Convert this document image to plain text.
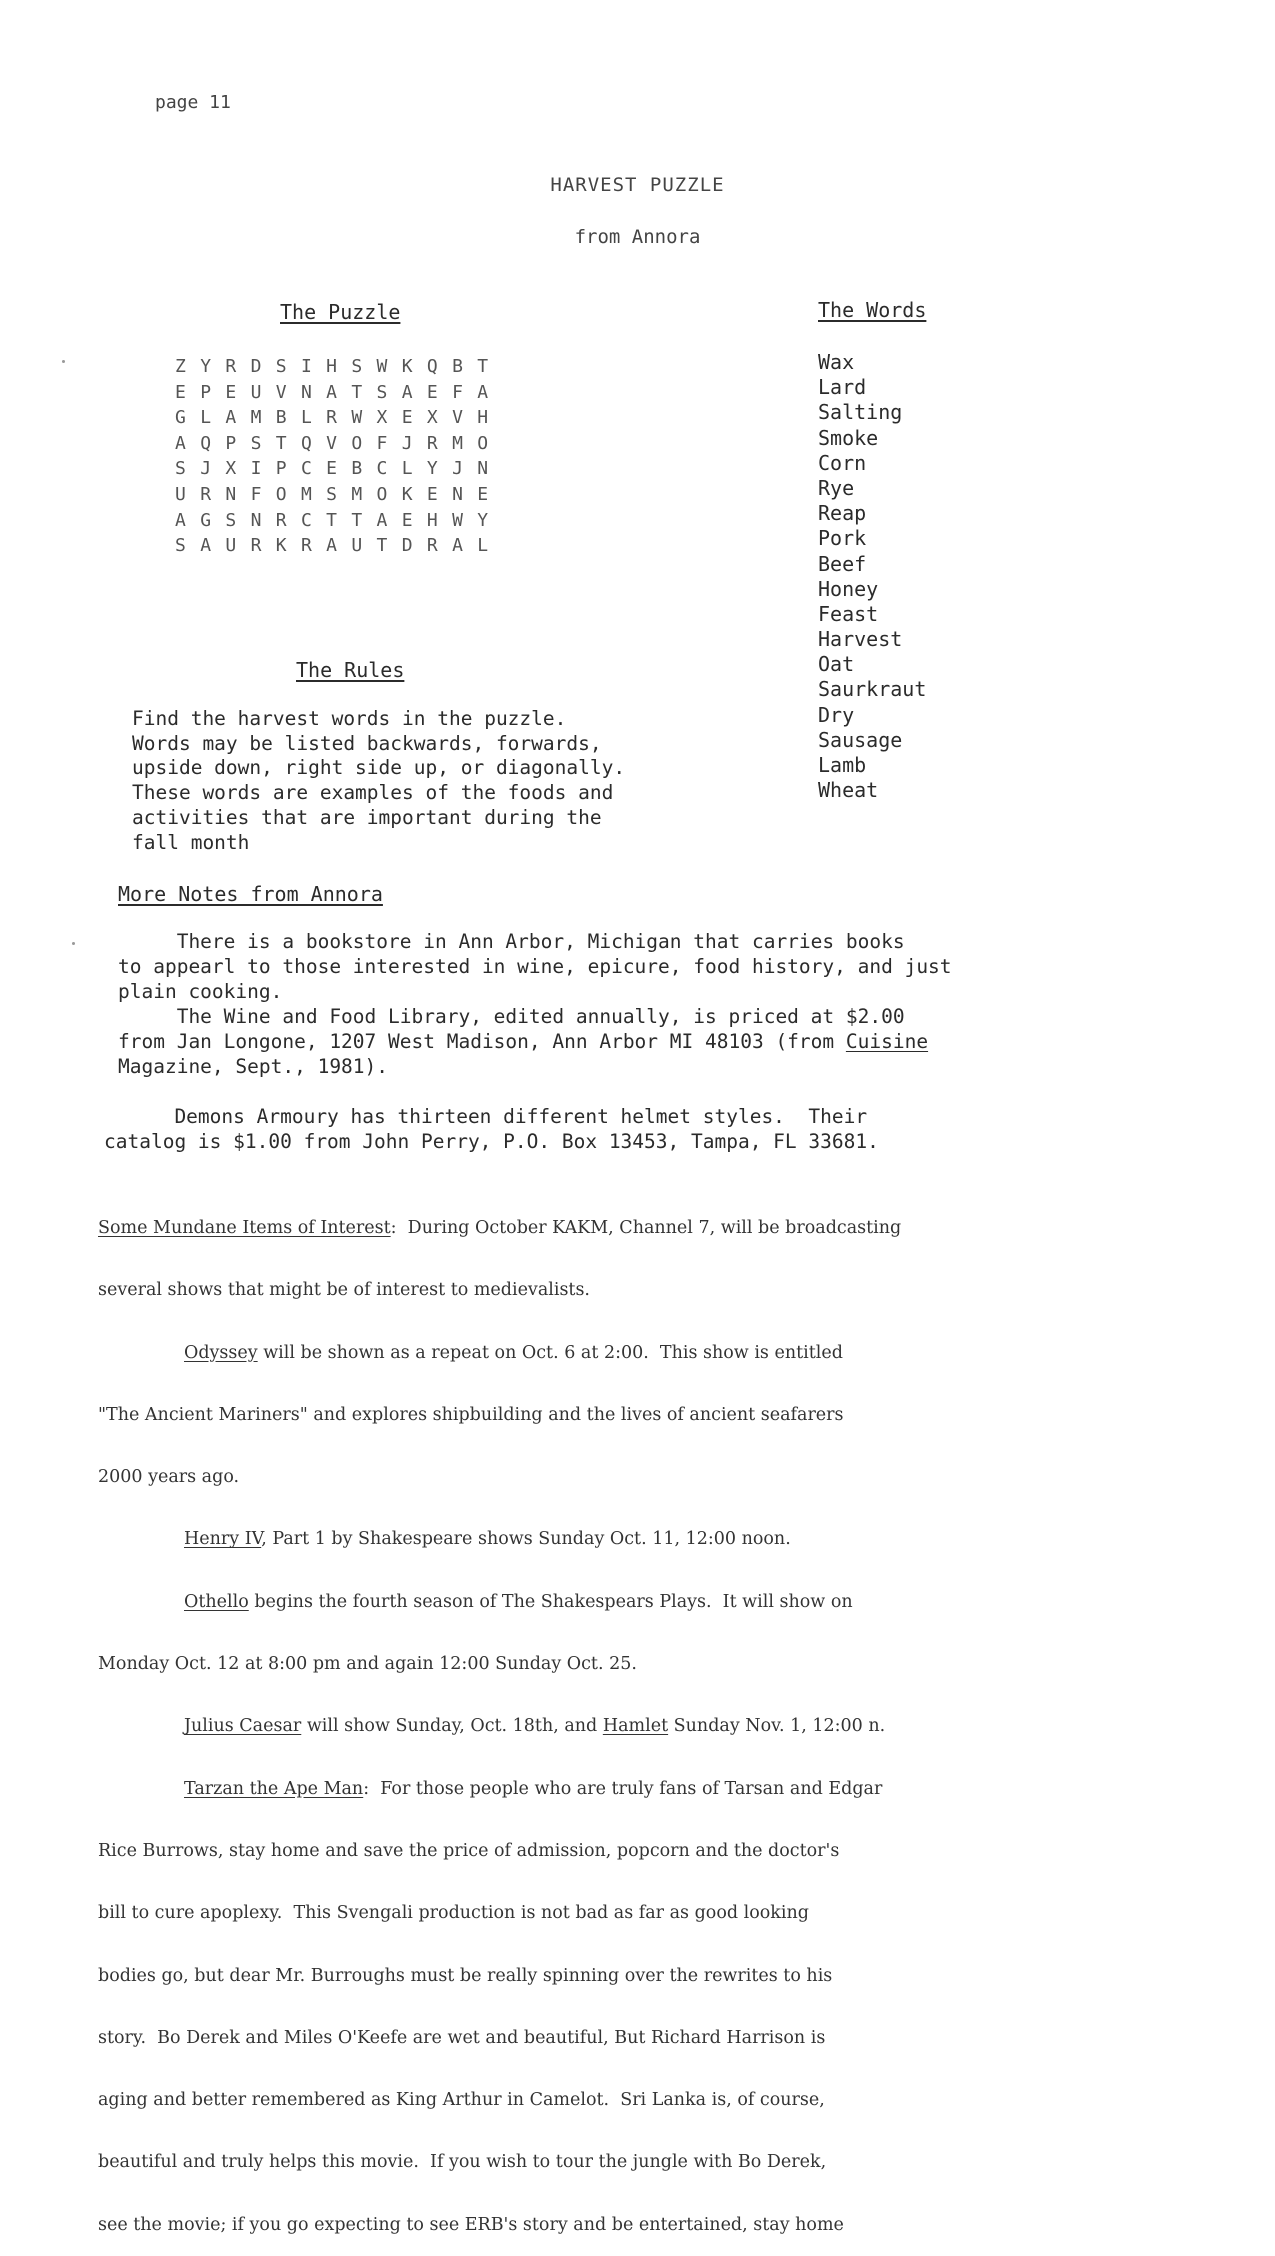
page 11
HARVEST PUZZLE
from Annora
The Puzzle
Z Y R D S I H S W K Q B T
E P E U V N A T S A E F A
G L A M B L R W X E X V H
A Q P S T Q V O F J R M O
S J X I P C E B C L Y J N
U R N F O M S M O K E N E
A G S N R C T T A E H W Y
S A U R K R A U T D R A L
The Words
Wax
Lard
Salting
Smoke
Corn
Rye
Reap
Pork
Beef
Honey
Feast
Harvest
Oat
Saurkraut
Dry
Sausage
Lamb
Wheat
The Rules
Find the harvest words in the puzzle.
Words may be listed backwards, forwards,
upside down, right side up, or diagonally.
These words are examples of the foods and
activities that are important during the
fall month
More Notes from Annora
There is a bookstore in Ann Arbor, Michigan that carries books
to appearl to those interested in wine, epicure, food history, and just
plain cooking.
The Wine and Food Library, edited annually, is priced at $2.00
from Jan Longone, 1207 West Madison, Ann Arbor MI 48103 (from Cuisine
Magazine, Sept., 1981).
Demons Armoury has thirteen different helmet styles.  Their
catalog is $1.00 from John Perry, P.O. Box 13453, Tampa, FL 33681.

Some Mundane Items of Interest:  During October KAKM, Channel 7, will be broadcasting

several shows that might be of interest to medievalists.

Odyssey will be shown as a repeat on Oct. 6 at 2:00.  This show is entitled

"The Ancient Mariners" and explores shipbuilding and the lives of ancient seafarers

2000 years ago.

Henry IV, Part 1 by Shakespeare shows Sunday Oct. 11, 12:00 noon.

Othello begins the fourth season of The Shakespears Plays.  It will show on

Monday Oct. 12 at 8:00 pm and again 12:00 Sunday Oct. 25.

Julius Caesar will show Sunday, Oct. 18th, and Hamlet Sunday Nov. 1, 12:00 n.

Tarzan the Ape Man:  For those people who are truly fans of Tarsan and Edgar

Rice Burrows, stay home and save the price of admission, popcorn and the doctor's

bill to cure apoplexy.  This Svengali production is not bad as far as good looking

bodies go, but dear Mr. Burroughs must be really spinning over the rewrites to his

story.  Bo Derek and Miles O'Keefe are wet and beautiful, But Richard Harrison is

aging and better remembered as King Arthur in Camelot.  Sri Lanka is, of course,

beautiful and truly helps this movie.  If you wish to tour the jungle with Bo Derek,

see the movie; if you go expecting to see ERB's story and be entertained, stay home
